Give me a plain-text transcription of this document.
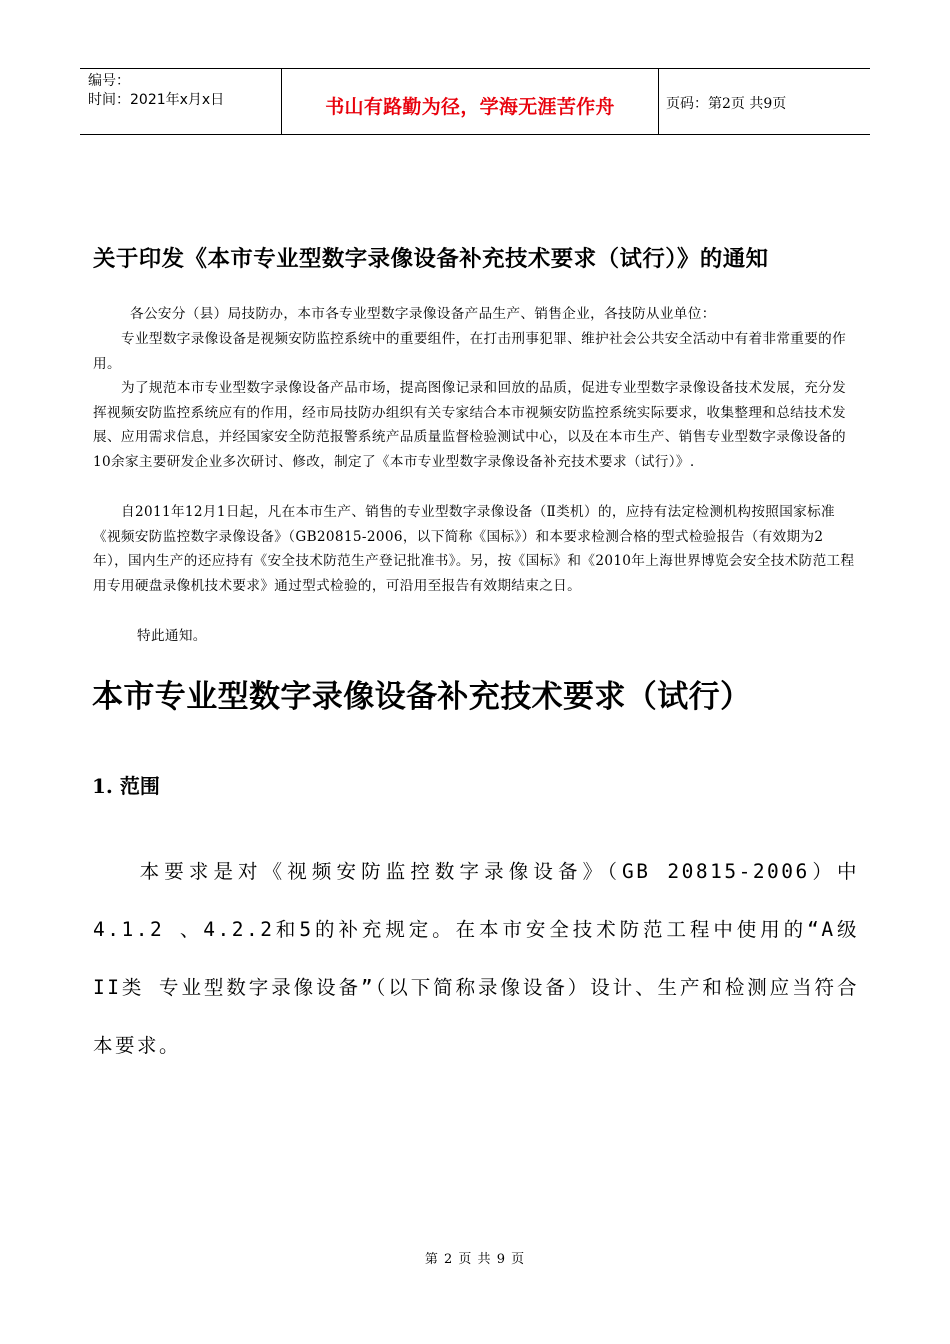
编号：
时间：2021年x月x日	书山有路勤为径，学海无涯苦作舟	页码：第2页 共9页
关于印发《本市专业型数字录像设备补充技术要求（试行）》的通知
各公安分（县）局技防办，本市各专业型数字录像设备产品生产、销售企业，各技防从业单位：
专业型数字录像设备是视频安防监控系统中的重要组件，在打击刑事犯罪、维护社会公共安全活动中有着非常重要的作用。
为了规范本市专业型数字录像设备产品市场，提高图像记录和回放的品质，促进专业型数字录像设备技术发展，充分发挥视频安防监控系统应有的作用，经市局技防办组织有关专家结合本市视频安防监控系统实际要求，收集整理和总结技术发展、应用需求信息，并经国家安全防范报警系统产品质量监督检验测试中心，以及在本市生产、销售专业型数字录像设备的10余家主要研发企业多次研讨、修改，制定了《本市专业型数字录像设备补充技术要求（试行）》.
自2011年12月1日起，凡在本市生产、销售的专业型数字录像设备（Ⅱ类机）的，应持有法定检测机构按照国家标准《视频安防监控数字录像设备》（GB20815-2006，以下简称《国标》）和本要求检测合格的型式检验报告（有效期为2年），国内生产的还应持有《安全技术防范生产登记批准书》。另，按《国标》和《2010年上海世界博览会安全技术防范工程用专用硬盘录像机技术要求》通过型式检验的，可沿用至报告有效期结束之日。
特此通知。
本市专业型数字录像设备补充技术要求（试行）
1. 范围
本要求是对《视频安防监控数字录像设备》（GB 20815-2006）中4.1.2 、4.2.2和5的补充规定。在本市安全技术防范工程中使用的“A级 II类 专业型数字录像设备”（以下简称录像设备）设计、生产和检测应当符合本要求。
第 2 页 共 9 页
